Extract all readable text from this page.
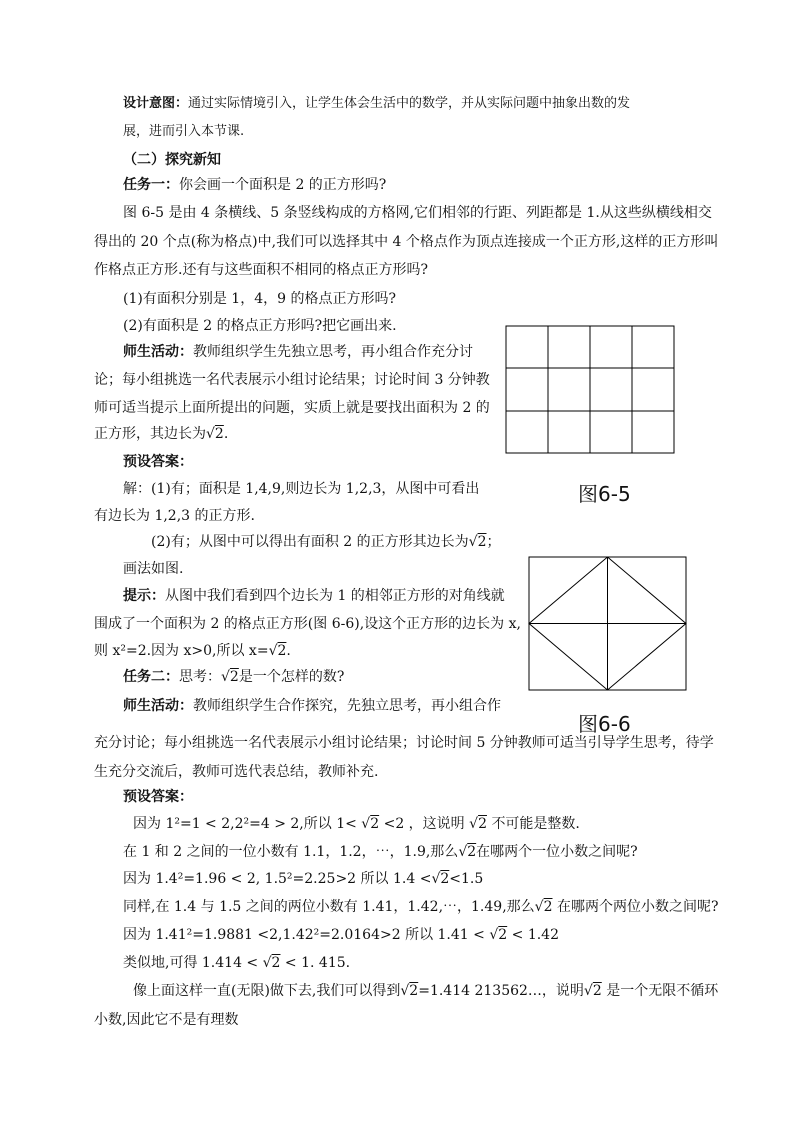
设计意图：通过实际情境引入，让学生体会生活中的数学，并从实际问题中抽象出数的发
展，进而引入本节课.
（二）探究新知
任务一：你会画一个面积是 2 的正方形吗?
图 6-5 是由 4 条横线、5 条竖线构成的方格网,它们相邻的行距、列距都是 1.从这些纵横线相交
得出的 20 个点(称为格点)中,我们可以选择其中 4 个格点作为顶点连接成一个正方形,这样的正方形叫
作格点正方形.还有与这些面积不相同的格点正方形吗?
(1)有面积分别是 1，4，9 的格点正方形吗?
(2)有面积是 2 的格点正方形吗?把它画出来.
师生活动：教师组织学生先独立思考，再小组合作充分讨
论；每小组挑选一名代表展示小组讨论结果；讨论时间 3 分钟教
师可适当提示上面所提出的问题，实质上就是要找出面积为 2 的
正方形，其边长为√2.
预设答案：
解：(1)有；面积是 1,4,9,则边长为 1,2,3，从图中可看出
有边长为 1,2,3 的正方形.
(2)有；从图中可以得出有面积 2 的正方形其边长为√2；
画法如图.
提示：从图中我们看到四个边长为 1 的相邻正方形的对角线就
围成了一个面积为 2 的格点正方形(图 6-6),设这个正方形的边长为 x,
则 x²=2.因为 x>0,所以 x=√2.
任务二：思考：√2是一个怎样的数?
师生活动：教师组织学生合作探究，先独立思考，再小组合作
充分讨论；每小组挑选一名代表展示小组讨论结果；讨论时间 5 分钟教师可适当引导学生思考，待学
生充分交流后，教师可选代表总结，教师补充.
预设答案：
因为 1²=1 < 2,2²=4 > 2,所以 1< √2 <2 ，这说明 √2 不可能是整数.
在 1 和 2 之间的一位小数有 1.1，1.2，⋯，1.9,那么√2在哪两个一位小数之间呢?
因为 1.4²=1.96 < 2, 1.5²=2.25>2 所以 1.4 <√2<1.5
同样,在 1.4 与 1.5 之间的两位小数有 1.41，1.42,⋯，1.49,那么√2 在哪两个两位小数之间呢?
因为 1.41²=1.9881 <2,1.42²=2.0164>2 所以 1.41 < √2 < 1.42
类似地,可得 1.414 < √2 < 1. 415.
像上面这样一直(无限)做下去,我们可以得到√2=1.414 213562…，说明√2 是一个无限不循环
小数,因此它不是有理数
图6-5
图6-6
